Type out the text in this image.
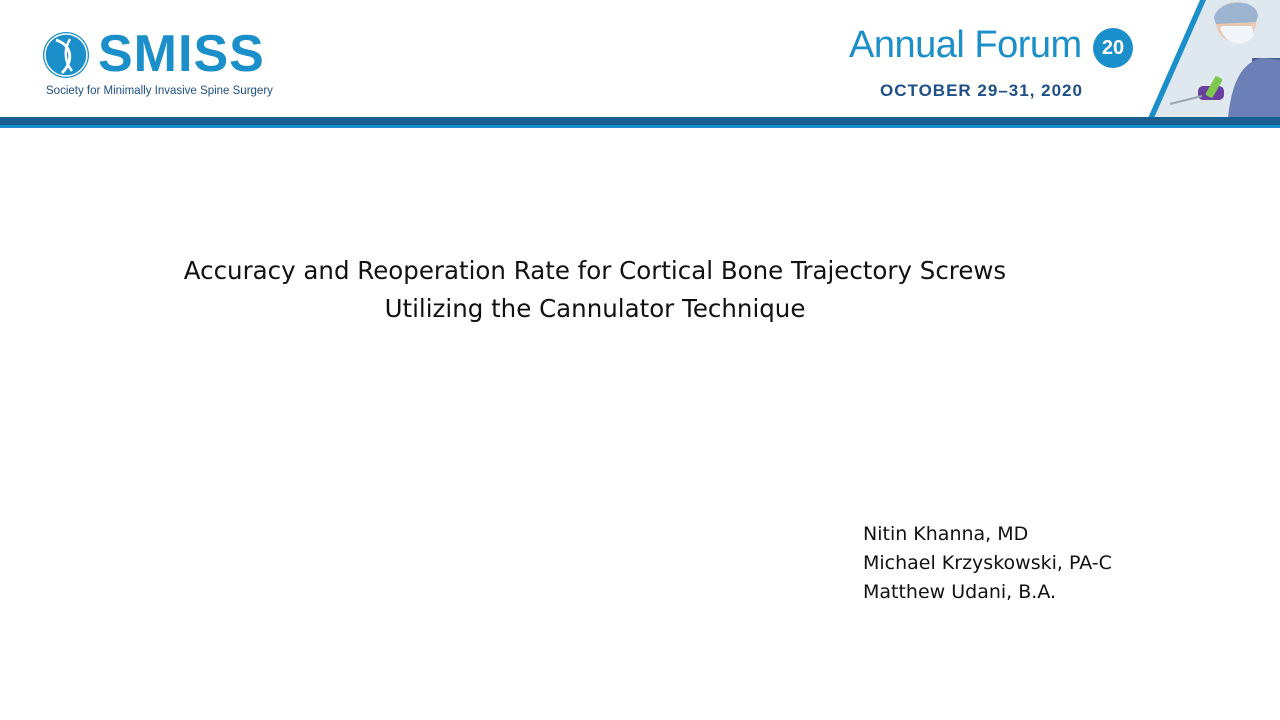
SMISS
Society for Minimally Invasive Spine Surgery
Annual Forum	20
OCTOBER 29–31, 2020
Accuracy and Reoperation Rate for Cortical Bone Trajectory Screws
Utilizing the Cannulator Technique
Nitin Khanna, MD
Michael Krzyskowski, PA-C
Matthew Udani, B.A.
